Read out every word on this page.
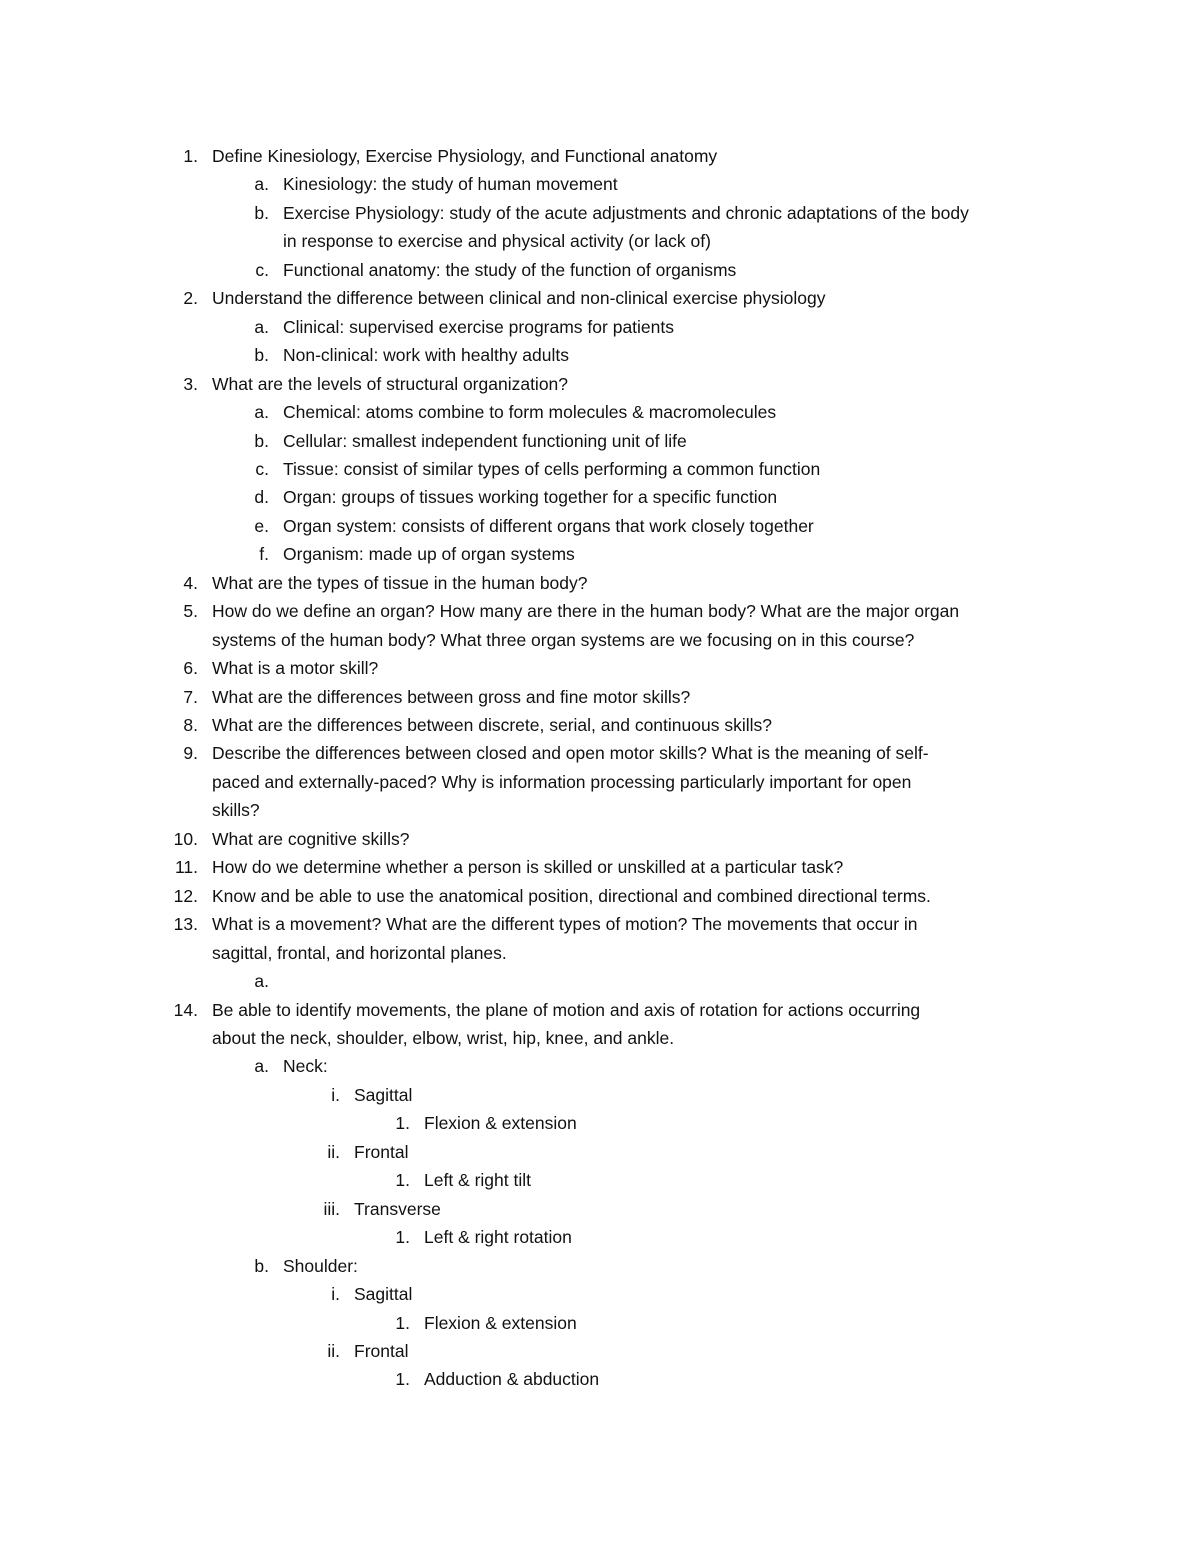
1. Define Kinesiology, Exercise Physiology, and Functional anatomy
a. Kinesiology: the study of human movement
b. Exercise Physiology: study of the acute adjustments and chronic adaptations of the body
in response to exercise and physical activity (or lack of)
c. Functional anatomy: the study of the function of organisms
2. Understand the difference between clinical and non-clinical exercise physiology
a. Clinical: supervised exercise programs for patients
b. Non-clinical: work with healthy adults
3. What are the levels of structural organization?
a. Chemical: atoms combine to form molecules & macromolecules
b. Cellular: smallest independent functioning unit of life
c. Tissue: consist of similar types of cells performing a common function
d. Organ: groups of tissues working together for a specific function
e. Organ system: consists of different organs that work closely together
f. Organism: made up of organ systems
4. What are the types of tissue in the human body?
5. How do we define an organ? How many are there in the human body? What are the major organ
systems of the human body? What three organ systems are we focusing on in this course?
6. What is a motor skill?
7. What are the differences between gross and fine motor skills?
8. What are the differences between discrete, serial, and continuous skills?
9. Describe the differences between closed and open motor skills? What is the meaning of self-
paced and externally-paced? Why is information processing particularly important for open
skills?
10. What are cognitive skills?
11. How do we determine whether a person is skilled or unskilled at a particular task?
12. Know and be able to use the anatomical position, directional and combined directional terms.
13. What is a movement? What are the different types of motion? The movements that occur in
sagittal, frontal, and horizontal planes.
a.
14. Be able to identify movements, the plane of motion and axis of rotation for actions occurring
about the neck, shoulder, elbow, wrist, hip, knee, and ankle.
a. Neck:
i. Sagittal
1. Flexion & extension
ii. Frontal
1. Left & right tilt
iii. Transverse
1. Left & right rotation
b. Shoulder:
i. Sagittal
1. Flexion & extension
ii. Frontal
1. Adduction & abduction
